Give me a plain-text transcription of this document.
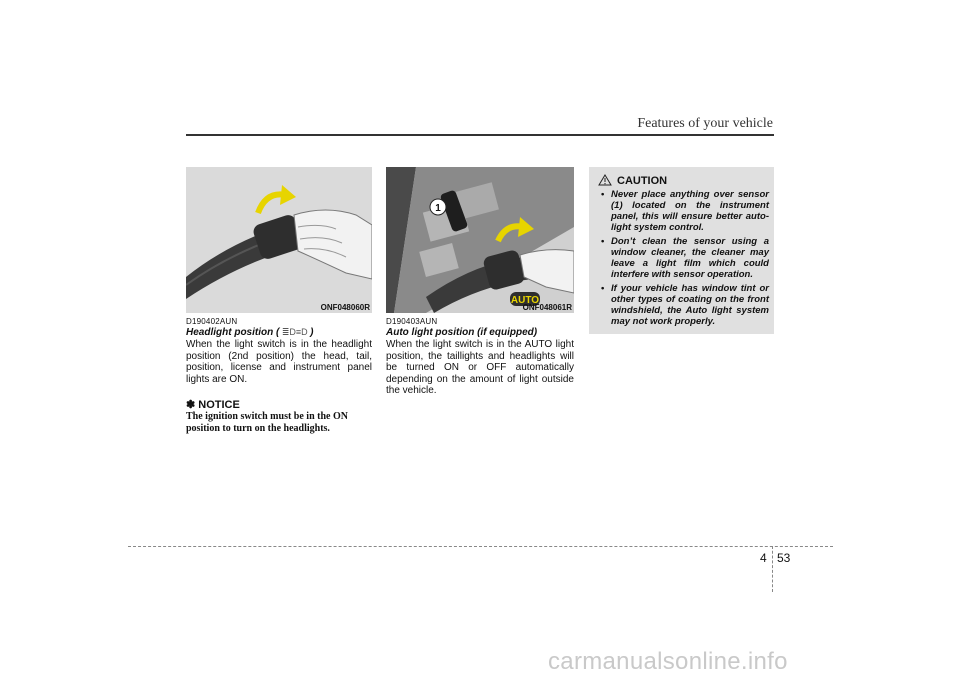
Features of your vehicle
ONF048060R
D190402AUN
Headlight position ( ≣D≡D )

When the light switch is in the headlight position (2nd position) the head, tail, position, license and instrument panel lights are ON.

✽ NOTICE

The ignition switch must be in the ON position to turn on the headlights.

1
AUTO
ONF048061R
D190403AUN
Auto light position (if equipped)

When the light switch is in the AUTO light position, the taillights and headlights will be turned ON or OFF automatically depending on the amount of light outside the vehicle.

CAUTION
• Never place anything over sensor (1) located on the instrument panel, this will ensure better auto-light system control.
• Don’t clean the sensor using a window cleaner, the cleaner may leave a light film which could interfere with sensor operation.
• If your vehicle has window tint or other types of coating on the front windshield, the Auto light system may not work properly.
4 53
carmanualsonline.info
